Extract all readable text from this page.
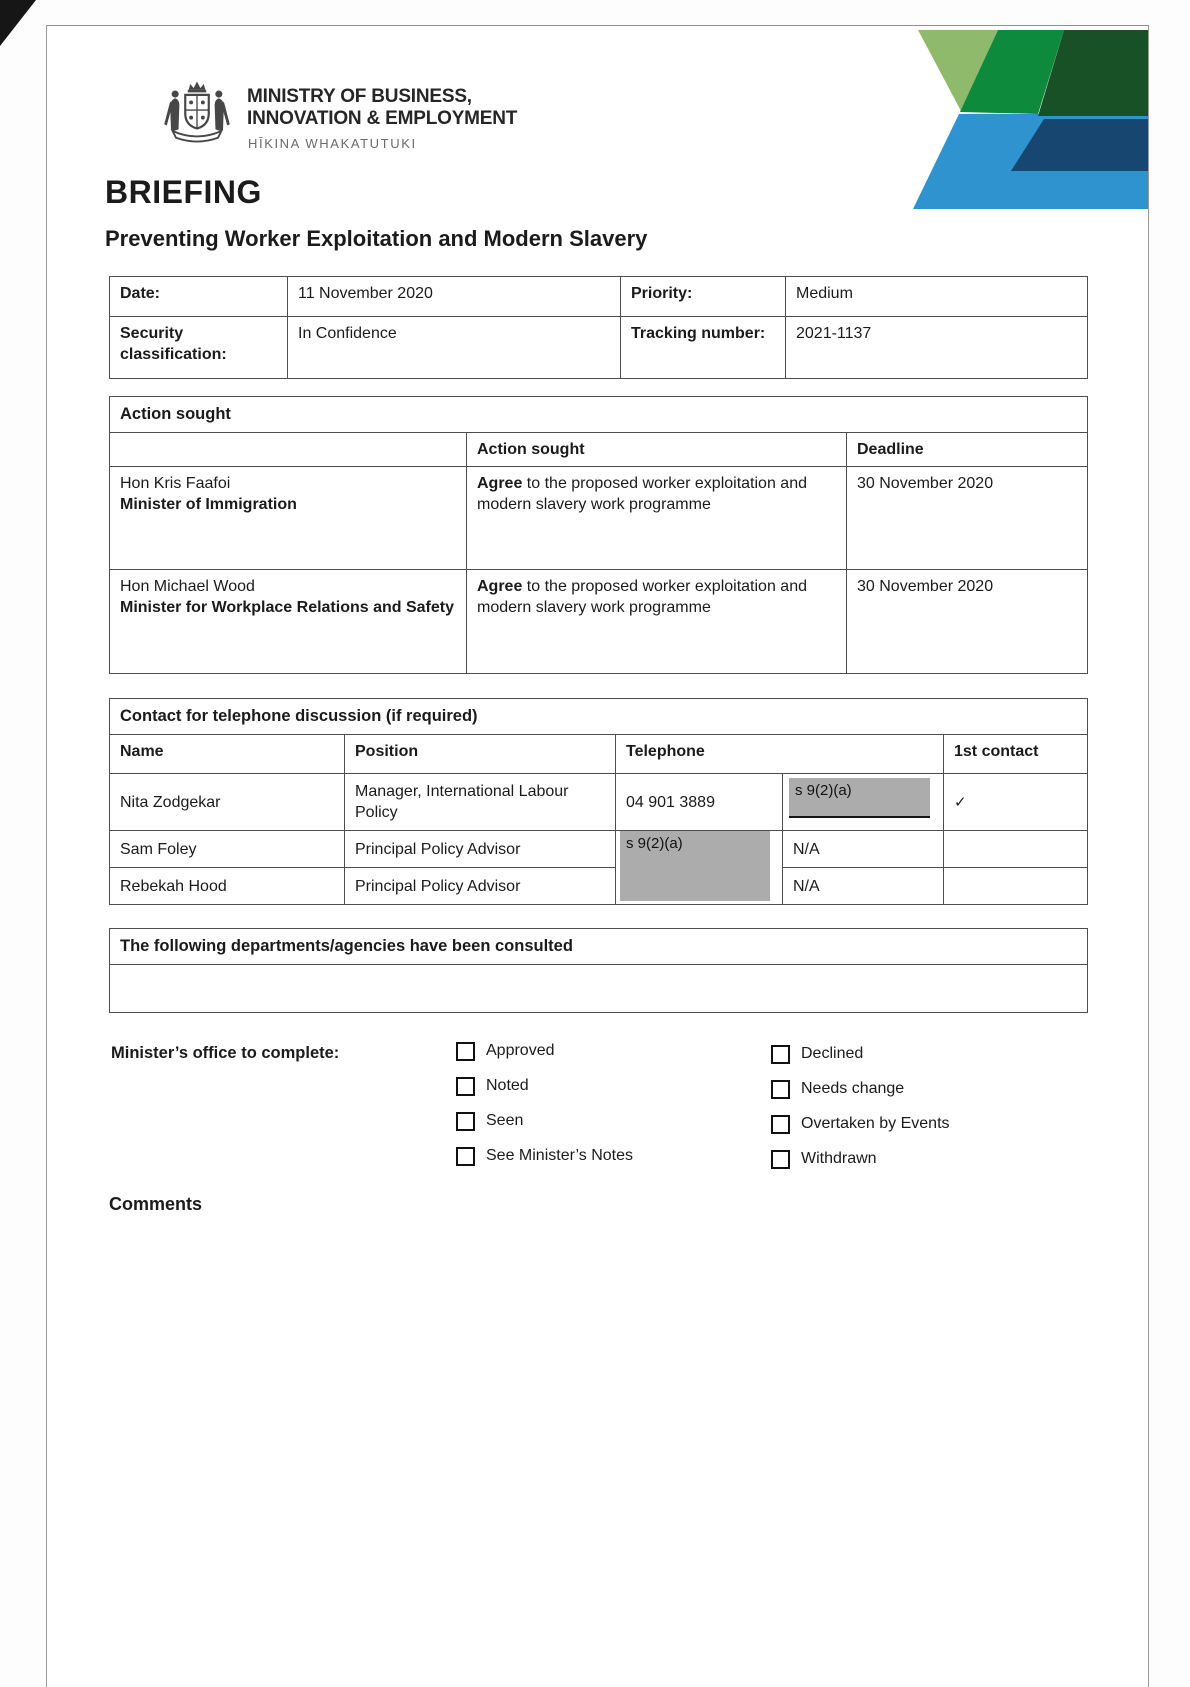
MINISTRY OF BUSINESS,
INNOVATION & EMPLOYMENT
HĪKINA WHAKATUTUKI
BRIEFING
Preventing Worker Exploitation and Modern Slavery
Date:	11 November 2020	Priority:	Medium
Security classification:	In Confidence	Tracking number:	2021-1137
Action sought		
	Action sought	Deadline

Hon Kris Faafoi
Minister of Immigration	Agree to the proposed worker exploitation and modern slavery work programme	30 November 2020

Hon Michael Wood
Minister for Workplace Relations and Safety	Agree to the proposed worker exploitation and modern slavery work programme	30 November 2020
Contact for telephone discussion (if required)				
Name	Position	Telephone		1st contact
Nita Zodgekar	Manager, International Labour Policy	04 901 3889	s 9(2)(a)	✓
Sam Foley	Principal Policy Advisor	s 9(2)(a)	N/A	
Rebekah Hood	Principal Policy Advisor		N/A	
The following departments/agencies have been consulted

Minister’s office to complete:	Approved
Noted
Seen
See Minister’s Notes
Declined
Needs change
Overtaken by Events
Withdrawn
Comments
